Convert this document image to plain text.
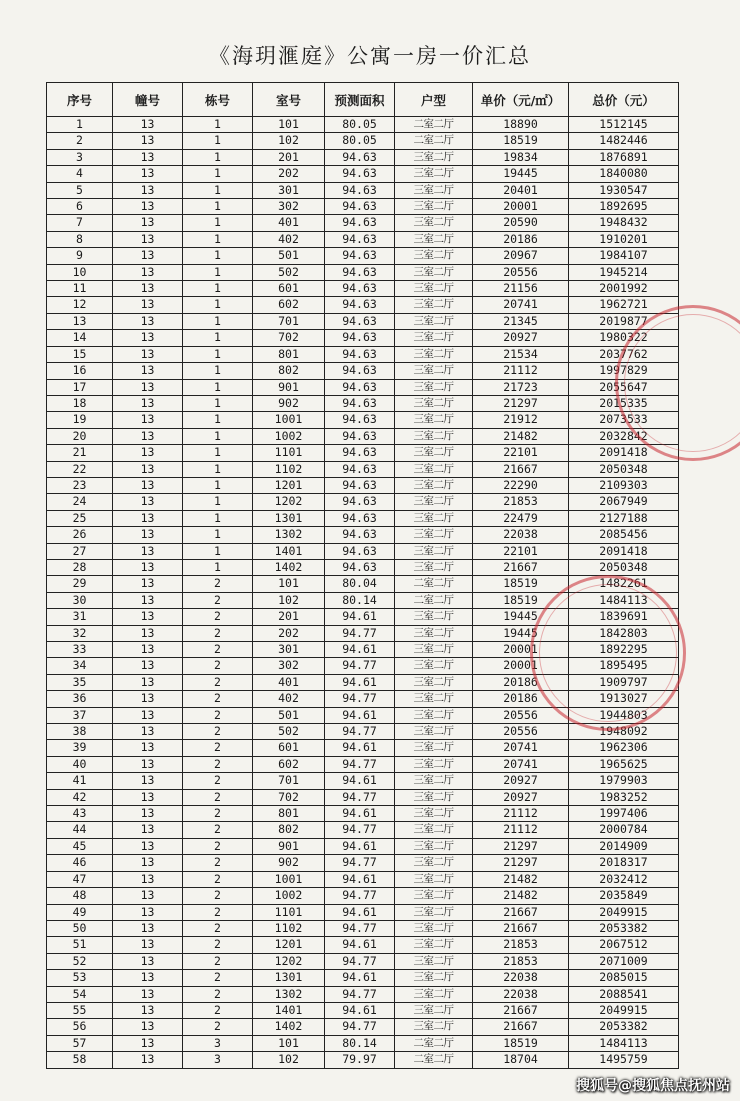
《海玥滙庭》公寓一房一价汇总
序号	幢号	栋号	室号	预测面积	户型	单价（元/㎡）	总价（元）
1	13	1	101	80.05	二室二厅	18890	1512145
2	13	1	102	80.05	二室二厅	18519	1482446
3	13	1	201	94.63	三室二厅	19834	1876891
4	13	1	202	94.63	三室二厅	19445	1840080
5	13	1	301	94.63	三室二厅	20401	1930547
6	13	1	302	94.63	三室二厅	20001	1892695
7	13	1	401	94.63	三室二厅	20590	1948432
8	13	1	402	94.63	三室二厅	20186	1910201
9	13	1	501	94.63	三室二厅	20967	1984107
10	13	1	502	94.63	三室二厅	20556	1945214
11	13	1	601	94.63	三室二厅	21156	2001992
12	13	1	602	94.63	三室二厅	20741	1962721
13	13	1	701	94.63	三室二厅	21345	2019877
14	13	1	702	94.63	三室二厅	20927	1980322
15	13	1	801	94.63	三室二厅	21534	2037762
16	13	1	802	94.63	三室二厅	21112	1997829
17	13	1	901	94.63	三室二厅	21723	2055647
18	13	1	902	94.63	三室二厅	21297	2015335
19	13	1	1001	94.63	三室二厅	21912	2073533
20	13	1	1002	94.63	三室二厅	21482	2032842
21	13	1	1101	94.63	三室二厅	22101	2091418
22	13	1	1102	94.63	三室二厅	21667	2050348
23	13	1	1201	94.63	三室二厅	22290	2109303
24	13	1	1202	94.63	三室二厅	21853	2067949
25	13	1	1301	94.63	三室二厅	22479	2127188
26	13	1	1302	94.63	三室二厅	22038	2085456
27	13	1	1401	94.63	三室二厅	22101	2091418
28	13	1	1402	94.63	三室二厅	21667	2050348
29	13	2	101	80.04	二室二厅	18519	1482261
30	13	2	102	80.14	二室二厅	18519	1484113
31	13	2	201	94.61	三室二厅	19445	1839691
32	13	2	202	94.77	三室二厅	19445	1842803
33	13	2	301	94.61	三室二厅	20001	1892295
34	13	2	302	94.77	三室二厅	20001	1895495
35	13	2	401	94.61	三室二厅	20186	1909797
36	13	2	402	94.77	三室二厅	20186	1913027
37	13	2	501	94.61	三室二厅	20556	1944803
38	13	2	502	94.77	三室二厅	20556	1948092
39	13	2	601	94.61	三室二厅	20741	1962306
40	13	2	602	94.77	三室二厅	20741	1965625
41	13	2	701	94.61	三室二厅	20927	1979903
42	13	2	702	94.77	三室二厅	20927	1983252
43	13	2	801	94.61	三室二厅	21112	1997406
44	13	2	802	94.77	三室二厅	21112	2000784
45	13	2	901	94.61	三室二厅	21297	2014909
46	13	2	902	94.77	三室二厅	21297	2018317
47	13	2	1001	94.61	三室二厅	21482	2032412
48	13	2	1002	94.77	三室二厅	21482	2035849
49	13	2	1101	94.61	三室二厅	21667	2049915
50	13	2	1102	94.77	三室二厅	21667	2053382
51	13	2	1201	94.61	三室二厅	21853	2067512
52	13	2	1202	94.77	三室二厅	21853	2071009
53	13	2	1301	94.61	三室二厅	22038	2085015
54	13	2	1302	94.77	三室二厅	22038	2088541
55	13	2	1401	94.61	三室二厅	21667	2049915
56	13	2	1402	94.77	三室二厅	21667	2053382
57	13	3	101	80.14	二室二厅	18519	1484113
58	13	3	102	79.97	二室二厅	18704	1495759
搜狐号@搜狐焦点抚州站
